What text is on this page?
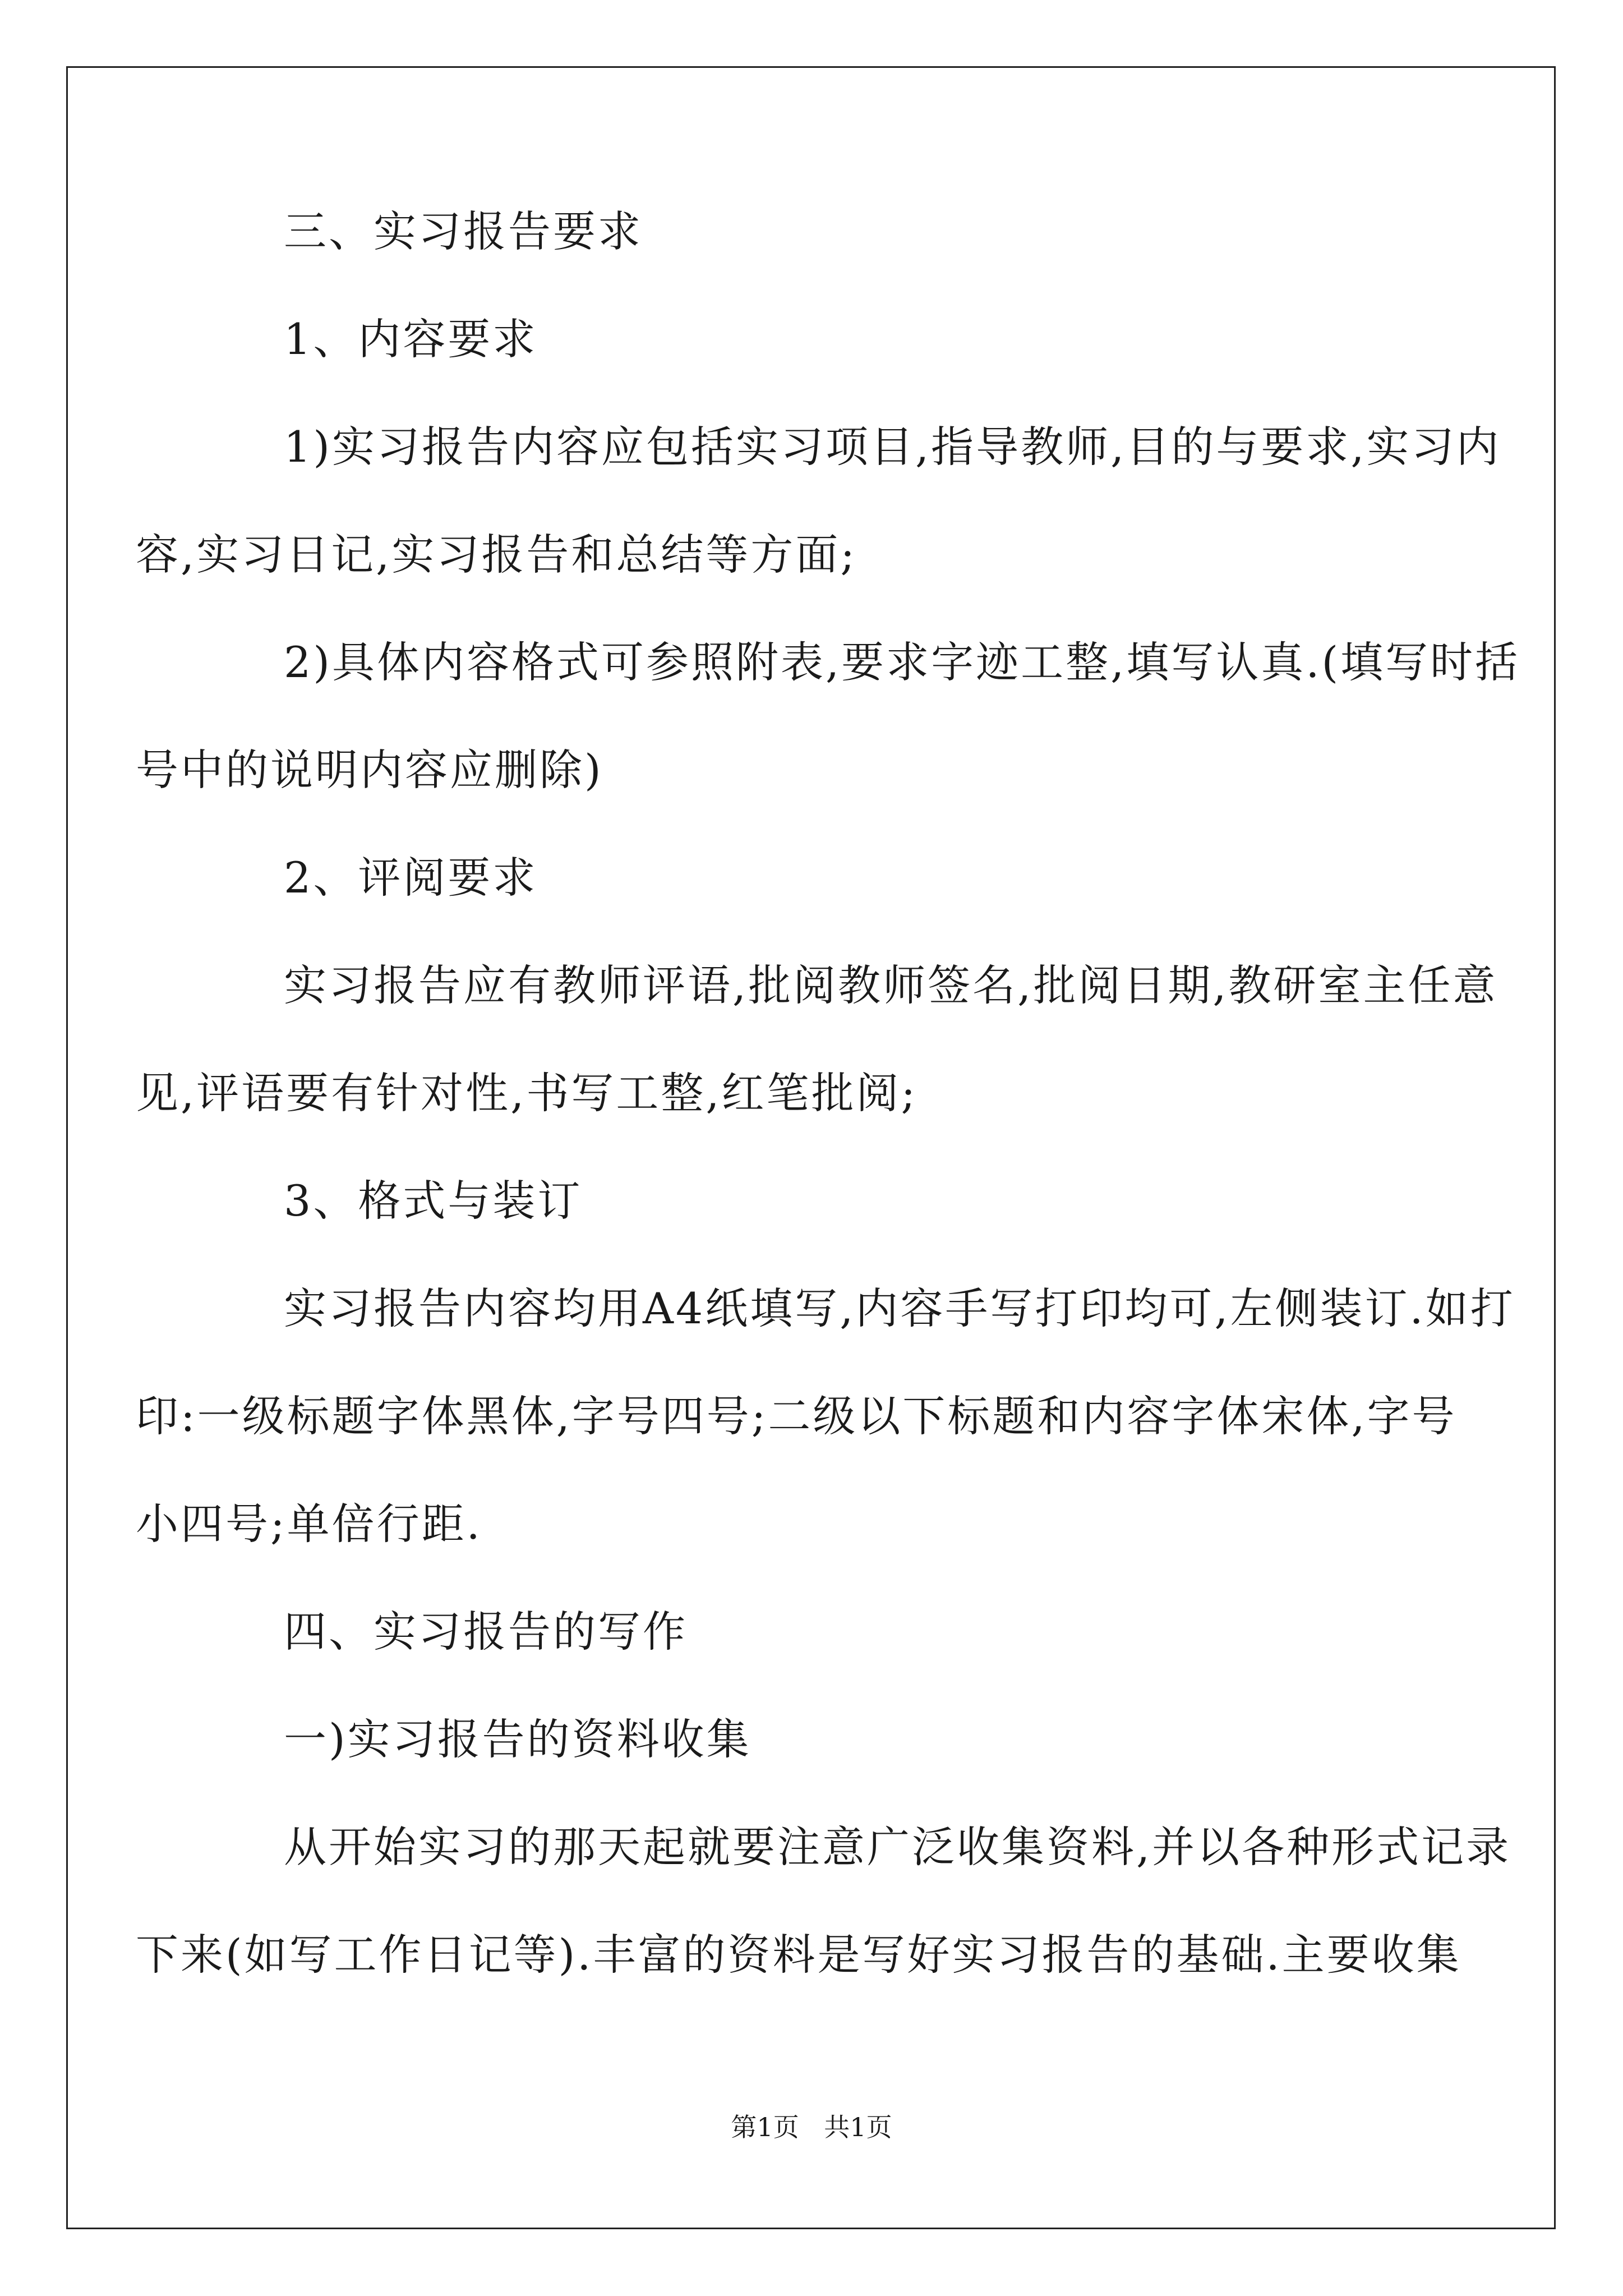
三、实习报告要求
1、内容要求
1)实习报告内容应包括实习项目,指导教师,目的与要求,实习内
容,实习日记,实习报告和总结等方面;
2)具体内容格式可参照附表,要求字迹工整,填写认真.(填写时括
号中的说明内容应删除)
2、评阅要求
实习报告应有教师评语,批阅教师签名,批阅日期,教研室主任意
见,评语要有针对性,书写工整,红笔批阅;
3、格式与装订
实习报告内容均用A4纸填写,内容手写打印均可,左侧装订.如打
印:一级标题字体黑体,字号四号;二级以下标题和内容字体宋体,字号
小四号;单倍行距.
四、实习报告的写作
一)实习报告的资料收集
从开始实习的那天起就要注意广泛收集资料,并以各种形式记录
下来(如写工作日记等).丰富的资料是写好实习报告的基础.主要收集
第1页 共1页
